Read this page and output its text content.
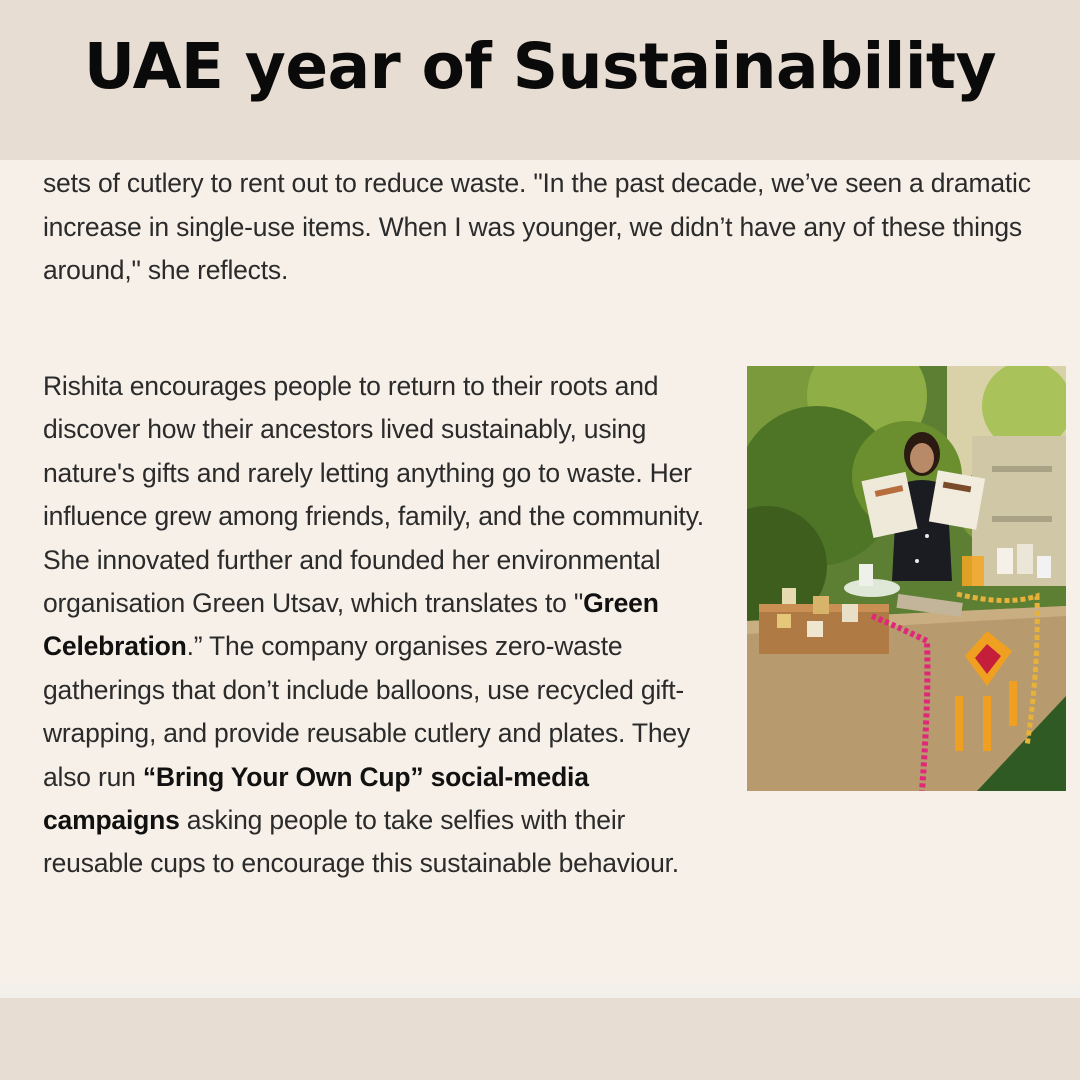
UAE year of Sustainability

sets of cutlery to rent out to reduce waste. "In the past decade, we’ve seen a dramatic increase in single-use items. When I was younger, we didn’t have any of these things around," she reflects.

Rishita encourages people to return to their roots and discover how their ancestors lived sustainably, using nature's gifts and rarely letting anything go to waste. Her influence grew among friends, family, and the community. She innovated further and founded her environmental organisation Green Utsav, which translates to "Green Celebration.” The company organises zero-waste gatherings that don’t include balloons, use recycled gift-wrapping, and provide reusable cutlery and plates. They also run “Bring Your Own Cup” social-media campaigns asking people to take selfies with their reusable cups to encourage this sustainable behaviour.
